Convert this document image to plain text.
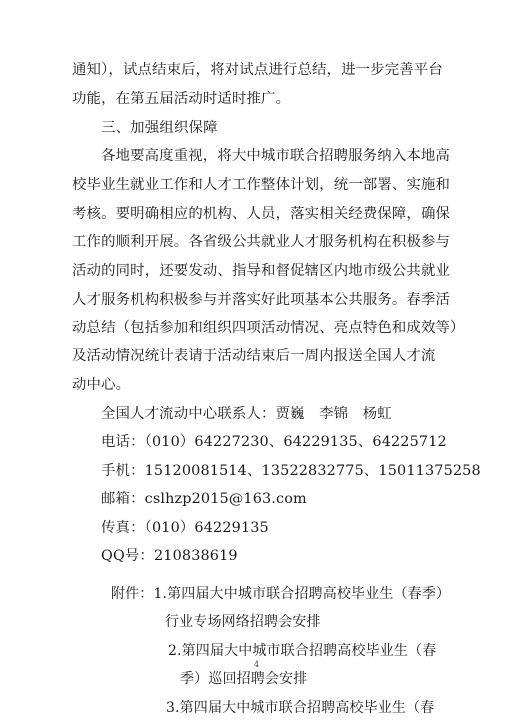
通知），试点结束后，将对试点进行总结，进一步完善平台
功能，在第五届活动时适时推广。
三、加强组织保障
各地要高度重视，将大中城市联合招聘服务纳入本地高
校毕业生就业工作和人才工作整体计划，统一部署、实施和
考核。要明确相应的机构、人员，落实相关经费保障，确保
工作的顺利开展。各省级公共就业人才服务机构在积极参与
活动的同时，还要发动、指导和督促辖区内地市级公共就业
人才服务机构积极参与并落实好此项基本公共服务。春季活
动总结（包括参加和组织四项活动情况、亮点特色和成效等）
及活动情况统计表请于活动结束后一周内报送全国人才流
动中心。
全国人才流动中心联系人：贾巍　李锦　杨虹
电话：（010）64227230、64229135、64225712
手机：15120081514、13522832775、15011375258
邮箱：cslhzp2015@163.com
传真：（010）64229135
QQ号：210838619
附件：1.第四届大中城市联合招聘高校毕业生（春季）
行业专场网络招聘会安排
2.第四届大中城市联合招聘高校毕业生（春
季）巡回招聘会安排
3.第四届大中城市联合招聘高校毕业生（春
4
